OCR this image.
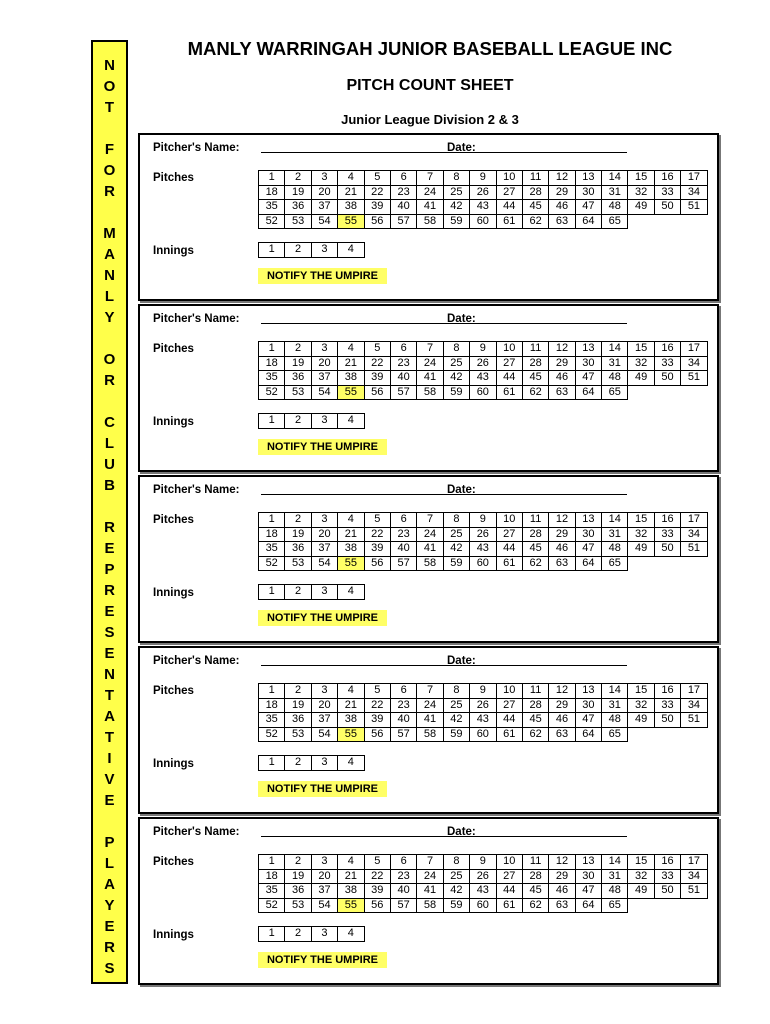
N
O
T
F
O
R
M
A
N
L
Y
O
R
C
L
U
B
R
E
P
R
E
S
E
N
T
A
T
I
V
E
P
L
A
Y
E
R
S
MANLY WARRINGAH JUNIOR BASEBALL LEAGUE INC
PITCH COUNT SHEET
Junior League Division 2 & 3
Pitcher's Name:	Date:
Pitches
Innings
1	2	3	4	5	6	7	8	9	10	11	12	13	14	15	16	17
18	19	20	21	22	23	24	25	26	27	28	29	30	31	32	33	34
35	36	37	38	39	40	41	42	43	44	45	46	47	48	49	50	51
52	53	54	55	56	57	58	59	60	61	62	63	64	65			
1	2	3	4
NOTIFY THE UMPIRE
Pitcher's Name:	Date:
Pitches
Innings
1	2	3	4	5	6	7	8	9	10	11	12	13	14	15	16	17
18	19	20	21	22	23	24	25	26	27	28	29	30	31	32	33	34
35	36	37	38	39	40	41	42	43	44	45	46	47	48	49	50	51
52	53	54	55	56	57	58	59	60	61	62	63	64	65			
1	2	3	4
NOTIFY THE UMPIRE
Pitcher's Name:	Date:
Pitches
Innings
1	2	3	4	5	6	7	8	9	10	11	12	13	14	15	16	17
18	19	20	21	22	23	24	25	26	27	28	29	30	31	32	33	34
35	36	37	38	39	40	41	42	43	44	45	46	47	48	49	50	51
52	53	54	55	56	57	58	59	60	61	62	63	64	65			
1	2	3	4
NOTIFY THE UMPIRE
Pitcher's Name:	Date:
Pitches
Innings
1	2	3	4	5	6	7	8	9	10	11	12	13	14	15	16	17
18	19	20	21	22	23	24	25	26	27	28	29	30	31	32	33	34
35	36	37	38	39	40	41	42	43	44	45	46	47	48	49	50	51
52	53	54	55	56	57	58	59	60	61	62	63	64	65			
1	2	3	4
NOTIFY THE UMPIRE
Pitcher's Name:	Date:
Pitches
Innings
1	2	3	4	5	6	7	8	9	10	11	12	13	14	15	16	17
18	19	20	21	22	23	24	25	26	27	28	29	30	31	32	33	34
35	36	37	38	39	40	41	42	43	44	45	46	47	48	49	50	51
52	53	54	55	56	57	58	59	60	61	62	63	64	65			
1	2	3	4
NOTIFY THE UMPIRE
